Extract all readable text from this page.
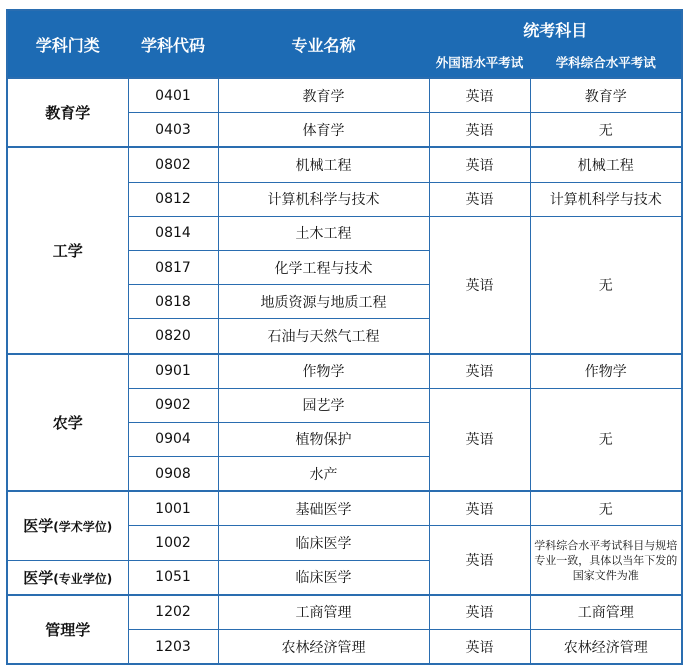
学科门类	学科代码	专业名称	统考科目	
			外国语水平考试	学科综合水平考试
教育学	0401	教育学	英语	教育学
	0403	体育学	英语	无
工学	0802	机械工程	英语	机械工程
	0812	计算机科学与技术	英语	计算机科学与技术
	0814	土木工程	英语	无
	0817	化学工程与技术		
	0818	地质资源与地质工程		
	0820	石油与天然气工程		
农学	0901	作物学	英语	作物学
	0902	园艺学	英语	无
	0904	植物保护		
	0908	水产		
医学(学术学位)	1001	基础医学	英语	无
	1002	临床医学	英语	学科综合水平考试科目与规培专业一致，具体以当年下发的国家文件为准
医学(专业学位)	1051	临床医学		
管理学	1202	工商管理	英语	工商管理
	1203	农林经济管理	英语	农林经济管理
